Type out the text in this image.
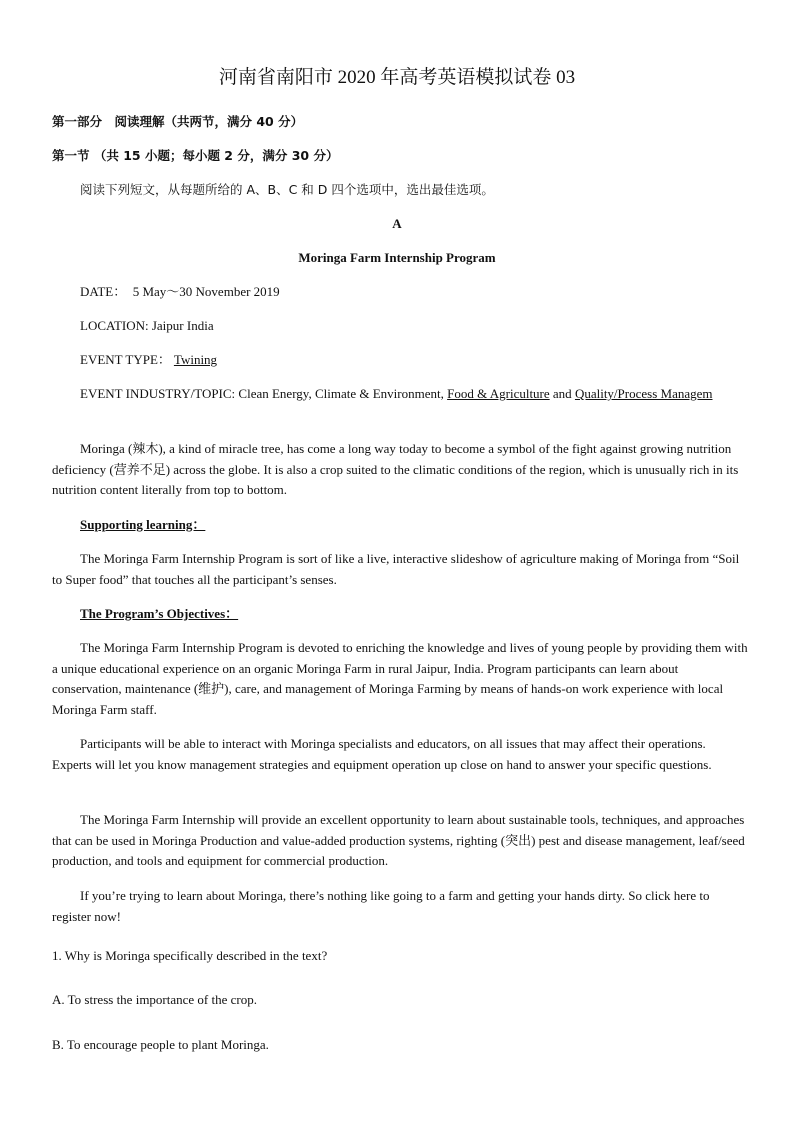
河南省南阳市 2020 年高考英语模拟试卷 03

第一部分　阅读理解（共两节，满分 40 分）

第一节 （共 15 小题；每小题 2 分，满分 30 分）

阅读下列短文，从每题所给的 A、B、C 和 D 四个选项中，选出最佳选项。

A

Moringa Farm Internship Program

DATE：　5 May～30 November 2019

LOCATION: Jaipur India

EVENT TYPE： Twining

EVENT INDUSTRY/TOPIC: Clean Energy, Climate & Environment, Food & Agriculture and Quality/Process Managem

Moringa (辣木), a kind of miracle tree, has come a long way today to become a symbol of the fight against growing nutrition deficiency (营养不足) across the globe. It is also a crop suited to the climatic conditions of the region, which is unusually rich in its nutrition content literally from top to bottom.

Supporting learning：

The Moringa Farm Internship Program is sort of like a live, interactive slideshow of agriculture making of Moringa from “Soil to Super food” that touches all the participant’s senses.

The Program’s Objectives：

The Moringa Farm Internship Program is devoted to enriching the knowledge and lives of young people by providing them with a unique educational experience on an organic Moringa Farm in rural Jaipur, India. Program participants can learn about conservation, maintenance (维护), care, and management of Moringa Farming by means of hands-on work experience with local Moringa Farm staff.

Participants will be able to interact with Moringa specialists and educators, on all issues that may affect their operations. Experts will let you know management strategies and equipment operation up close on hand to answer your specific questions.

The Moringa Farm Internship will provide an excellent opportunity to learn about sustainable tools, techniques, and approaches that can be used in Moringa Production and value-added production systems, righting (突出) pest and disease management, leaf/seed production, and tools and equipment for commercial production.

If you’re trying to learn about Moringa, there’s nothing like going to a farm and getting your hands dirty. So click here to register now!

1. Why is Moringa specifically described in the text?

A. To stress the importance of the crop.

B. To encourage people to plant Moringa.
